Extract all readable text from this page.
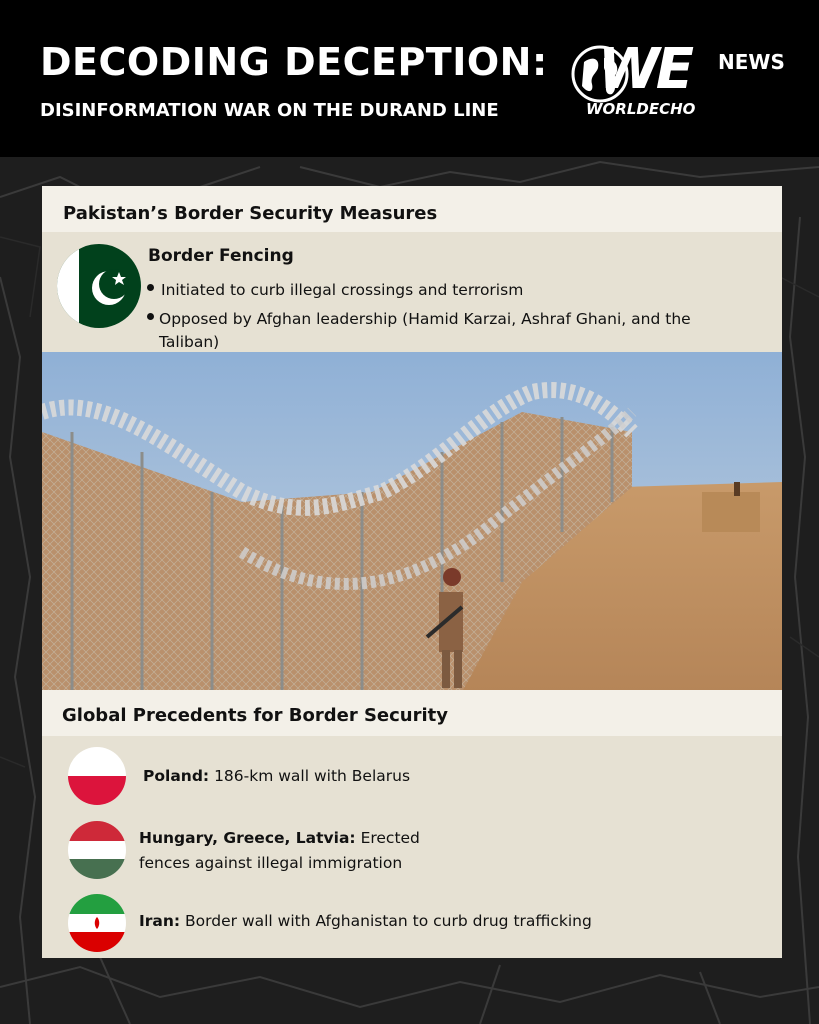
DECODING DECEPTION:
DISINFORMATION WAR ON THE DURAND LINE
WE NEWS
WORLDECHO
Pakistan’s Border Security Measures
Border Fencing
Initiated to curb illegal crossings and terrorism
Opposed by Afghan leadership (Hamid Karzai, Ashraf Ghani, and the
Taliban)
Global Precedents for Border Security
Poland: 186-km wall with Belarus
Hungary, Greece, Latvia: Erected
fences against illegal immigration
Iran: Border wall with Afghanistan to curb drug trafficking
